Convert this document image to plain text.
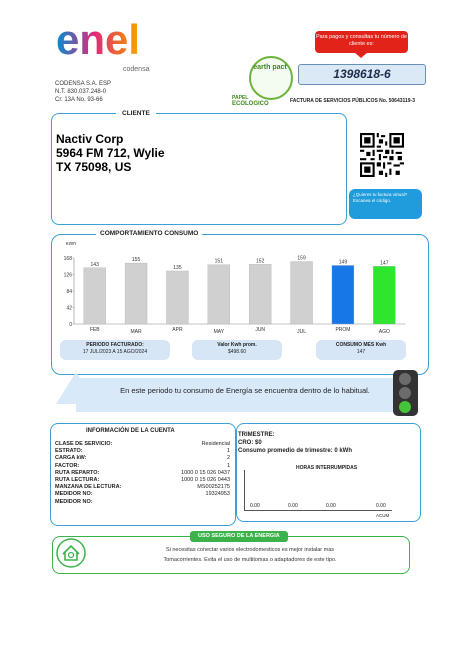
enel
codensa
CODENSA S.A. ESP
N.T. 830.037.248-0
Cr. 13A No. 93-66
earth pact
PAPEL
ECOLOGICO
Para pagos y consultas tu número de cliente es:
1398618-6
FACTURA DE SERVICIOS PÚBLICOS No. 50643119-3
CLIENTE
Nactiv Corp
5964 FM 712, Wylie
TX 75098, US
¿Quieres tu factura virtual? Escanea el código.
COMPORTAMIENTO CONSUMO
kWh
0
42
84
126
168
143
FEB
155
MAR
135
APR
151
MAY
152
JUN
159
JUL
149
PROM
147
AGO
PERIODO FACTURADO:
17 JUL/2023 A 15 AGO/2024
Valor Kwh prom.
$498.60
CONSUMO MES Kwh
147
En este periodo tu consumo de Energía se encuentra dentro de lo habitual.
INFORMACIÓN DE LA CUENTA
CLASE DE SERVICIO:	Residencial
ESTRATO:	1
CARGA kW:	2
FACTOR:	1
RUTA REPARTO:	1000 0 15 026 0437
RUTA LECTURA:	1000 0 15 026 0443
MANZANA DE LECTURA:	MS00252175
MEDIDOR NO:	19324953
MEDIDOR NO:
TRIMESTRE:
CRO: $0
Consumo promedio de trimestre: 0 kWh
HORAS INTERRUMPIDAS
0.00	0.00	0.00	0.00
ACUM
USO SEGURO DE LA ENERGIA
Si necesitas conectar varios electrodomesticos es mejor instalar mas
Tomacorrientes. Evita el uso de multitomas o adaptadores de este tipo.
